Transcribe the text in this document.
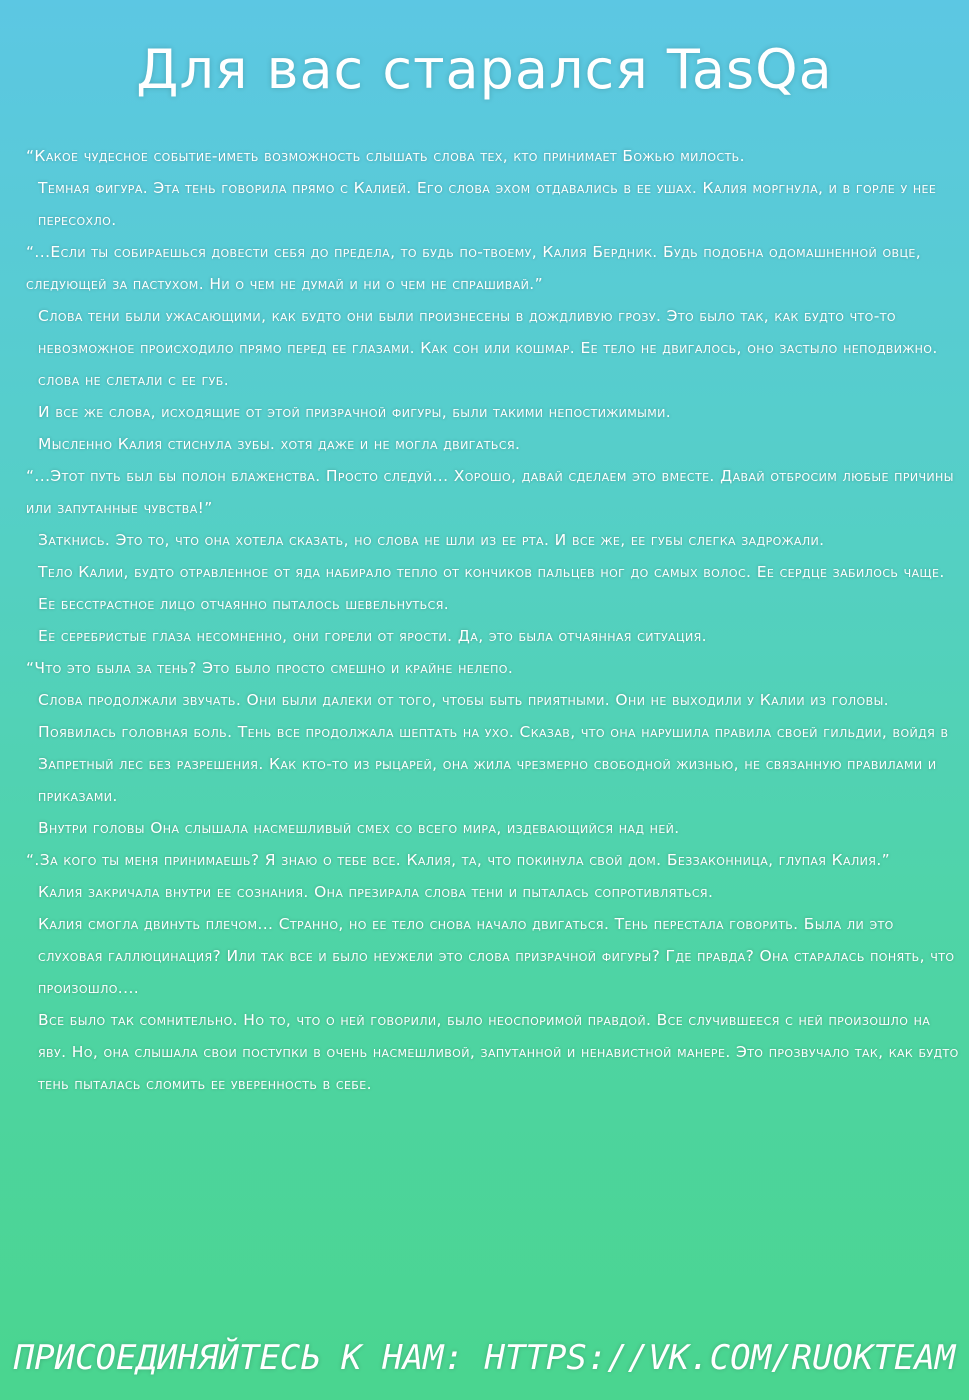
Для вас старался TasQa

“Какое чудесное событие-иметь возможность слышать слова тех, кто принимает Божью милость.

Темная фигура. Эта тень говорила прямо с Калией. Его слова эхом отдавались в ее ушах. Калия моргнула, и в горле у нее пересохло.

“...Если ты собираешься довести себя до предела, то будь по-твоему, Калия Бердник. Будь подобна одомашненной овце, следующей за пастухом. Ни о чем не думай и ни о чем не спрашивай.”

Слова тени были ужасающими, как будто они были произнесены в дождливую грозу. Это было так, как будто что-то невозможное происходило прямо перед ее глазами. Как сон или кошмар. Ее тело не двигалось, оно застыло неподвижно. слова не слетали с ее губ.

И все же слова, исходящие от этой призрачной фигуры, были такими непостижимыми.

Мысленно Калия стиснула зубы. хотя даже и не могла двигаться.

“...Этот путь был бы полон блаженства. Просто следуй... Хорошо, давай сделаем это вместе. Давай отбросим любые причины или запутанные чувства!”

Заткнись. Это то, что она хотела сказать, но слова не шли из ее рта. И все же, ее губы слегка задрожали.

Тело Калии, будто отравленное от яда набирало тепло от кончиков пальцев ног до самых волос. Ее сердце забилось чаще. Ее бесстрастное лицо отчаянно пыталось шевельнуться.

Ее серебристые глаза несомненно, они горели от ярости. Да, это была отчаянная ситуация.

“Что это была за тень? Это было просто смешно и крайне нелепо.

Слова продолжали звучать. Они были далеки от того, чтобы быть приятными. Они не выходили у Калии из головы. Появилась головная боль. Тень все продолжала шептать на ухо. Сказав, что она нарушила правила своей гильдии, войдя в Запретный лес без разрешения. Как кто-то из рыцарей, она жила чрезмерно свободной жизнью, не связанную правилами и приказами.

Внутри головы Она слышала насмешливый смех со всего мира, издевающийся над ней.

“.За кого ты меня принимаешь? Я знаю о тебе все. Калия, та, что покинула свой дом. Беззаконница, глупая Калия.”

Калия закричала внутри ее сознания. Она презирала слова тени и пыталась сопротивляться.

Калия смогла двинуть плечом... Странно, но ее тело снова начало двигаться. Тень перестала говорить. Была ли это слуховая галлюцинация? Или так все и было неужели это слова призрачной фигуры? Где правда? Она старалась понять, что произошло....

Все было так сомнительно. Но то, что о ней говорили, было неоспоримой правдой. Все случившееся с ней произошло на яву. Но, она слышала свои поступки в очень насмешливой, запутанной и ненавистной манере. Это прозвучало так, как будто тень пыталась сломить ее уверенность в себе.

ПРИСОЕДИНЯЙТЕСЬ К НАМ: HTTPS://VK.COM/RUOKTEAM
